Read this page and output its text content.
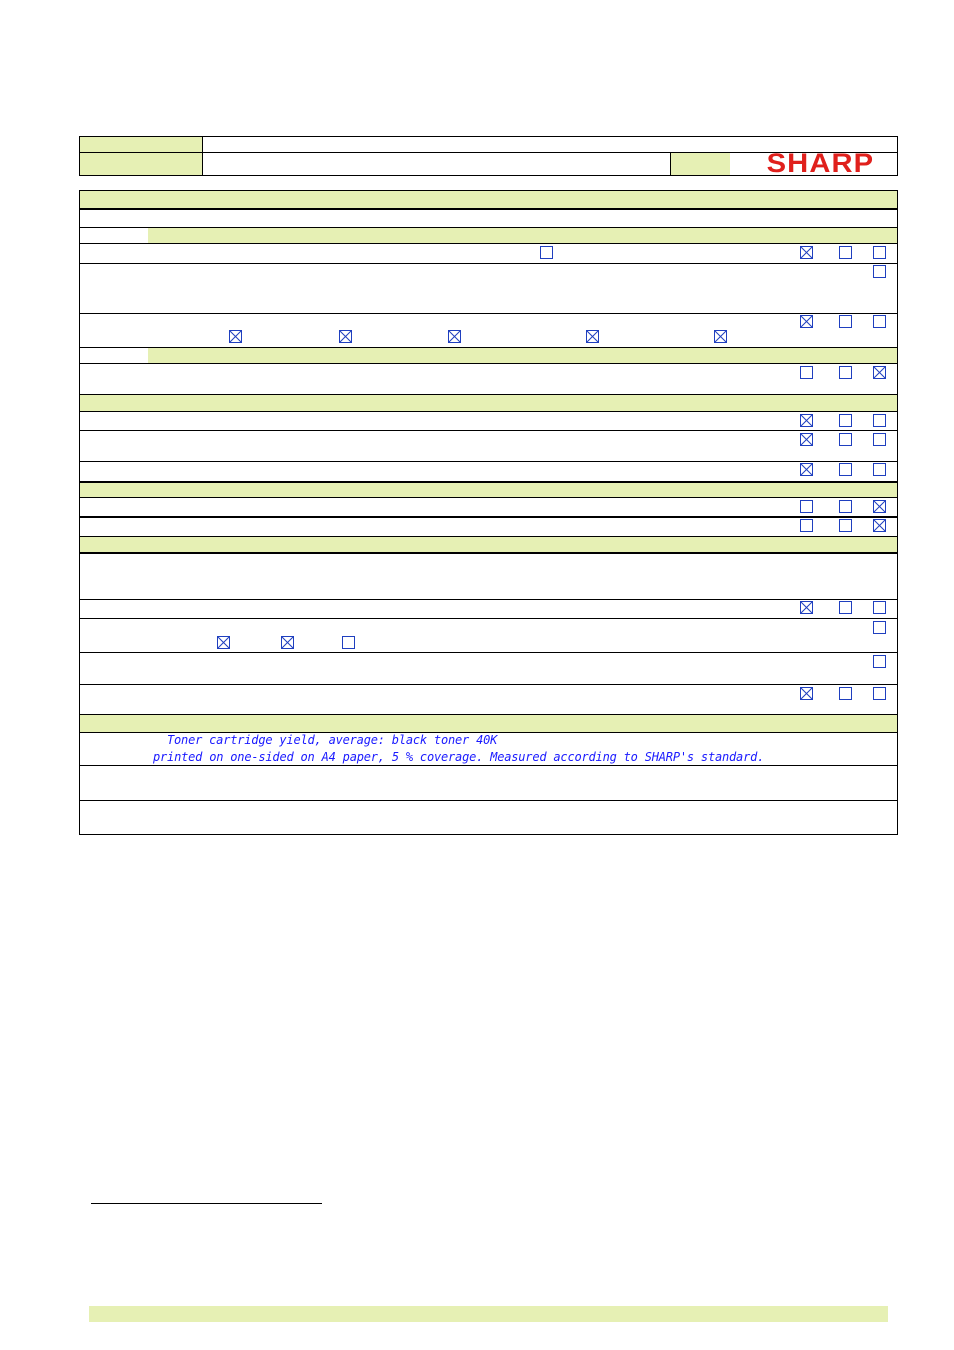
SHARP
Toner cartridge yield, average: black toner 40K
printed on one-sided on A4 paper, 5 % coverage. Measured according to SHARP's standard.
